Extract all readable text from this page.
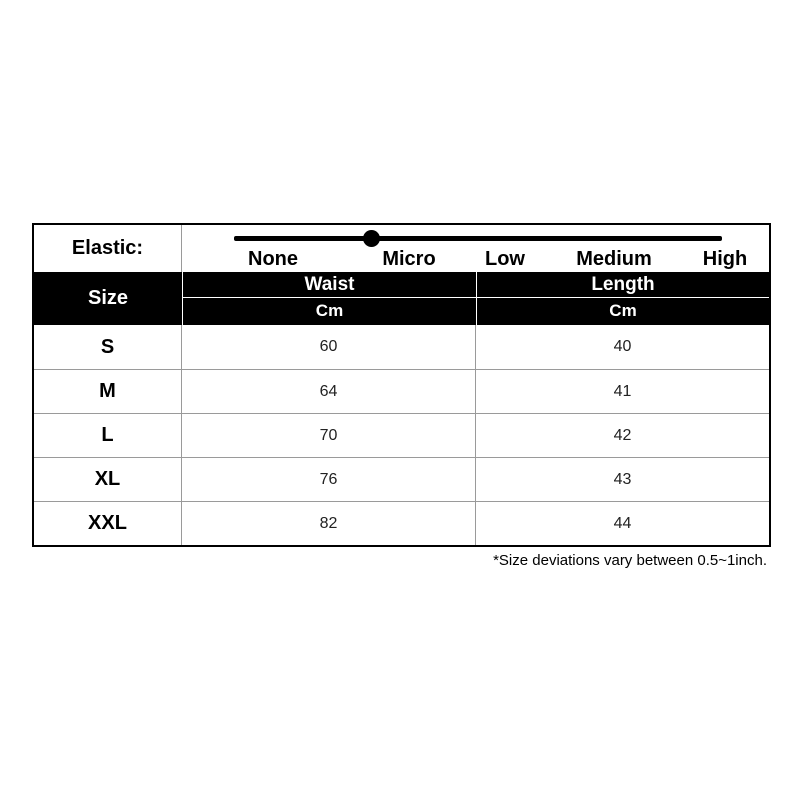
Elastic:	None	Micro Low	Medium	High
Size
Waist	Length
Cm	Cm
S	60	40
M	64	41
L	70	42
XL	76	43
XXL	82	44
*Size deviations vary between 0.5~1inch.
